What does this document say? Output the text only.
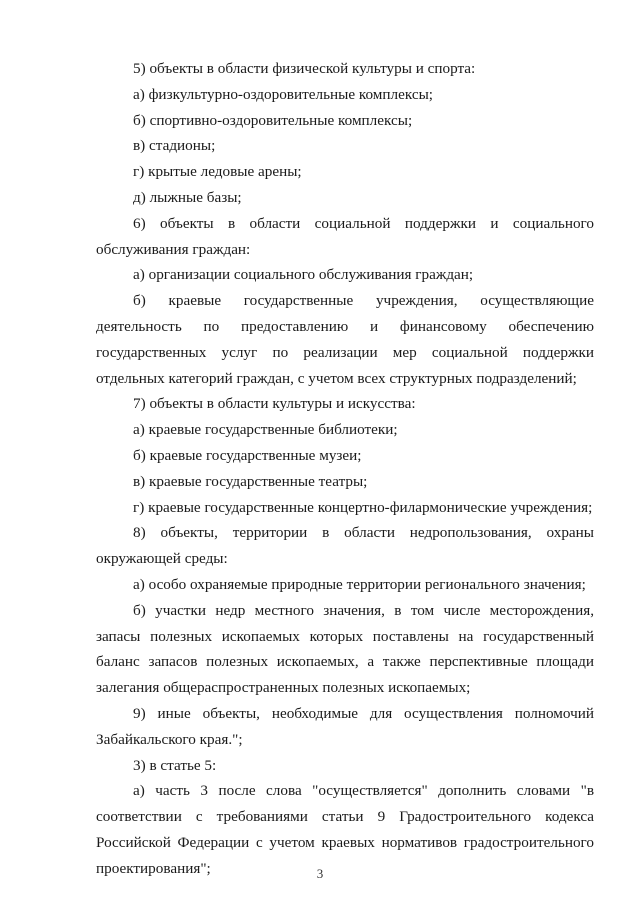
5) объекты в области физической культуры и спорта:

а) физкультурно-оздоровительные комплексы;

б) спортивно-оздоровительные комплексы;

в) стадионы;

г) крытые ледовые арены;

д) лыжные базы;

6) объекты в области социальной поддержки и социального обслуживания граждан:

а) организации социального обслуживания граждан;

б) краевые государственные учреждения, осуществляющие деятельность по предоставлению и финансовому обеспечению государственных услуг по реализации мер социальной поддержки отдельных категорий граждан, с учетом всех структурных подразделений;

7) объекты в области культуры и искусства:

а) краевые государственные библиотеки;

б) краевые государственные музеи;

в) краевые государственные театры;

г) краевые государственные концертно-филармонические учреждения;

8) объекты, территории в области недропользования, охраны окружающей среды:

а) особо охраняемые природные территории регионального значения;

б) участки недр местного значения, в том числе месторождения, запасы полезных ископаемых которых поставлены на государственный баланс запасов полезных ископаемых, а также перспективные площади залегания общераспространенных полезных ископаемых;

9) иные объекты, необходимые для осуществления полномочий Забайкальского края.";

3) в статье 5:

а) часть 3 после слова "осуществляется" дополнить словами "в соответствии с требованиями статьи 9 Градостроительного кодекса Российской Федерации с учетом краевых нормативов градостроительного проектирования";	3
